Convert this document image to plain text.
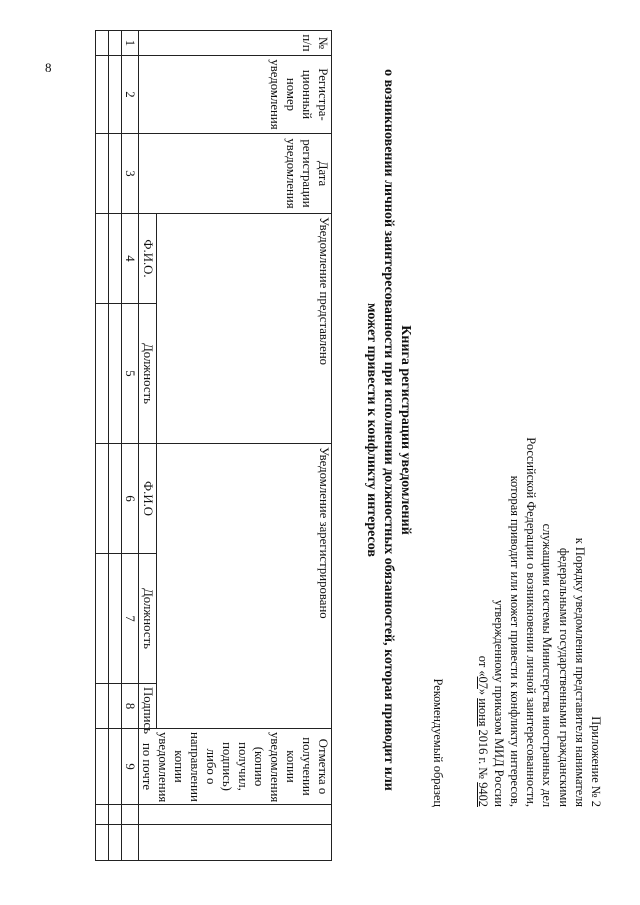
8
Приложение № 2
к Порядку уведомления представителя нанимателя
федеральными государственными гражданскими
служащими системы Министерства иностранных дел
Российской Федерации о возникновении личной заинтересованности,
которая приводит или может привести к конфликту интересов,
утвержденному приказом МИД России
от «07» июня 2016 г. № 9402
Рекомендуемый образец
Книга регистрации уведомлений
о возникновении личной заинтересованности при исполнении должностных обязанностей, которая приводит или
может привести к конфликту интересов
№ п/п	Регистра-ционный номер уведомления	Дата регистрации уведомления	Уведомление представлено		Уведомление зарегистрировано			Отметка о получении копии уведомления (копию получил, подпись) либо о направлении копии уведомления по почте		
			Ф.И.О.	Должность	Ф.И.О	Должность	Подпись			
1	2	3	4	5	6	7	8	9		
